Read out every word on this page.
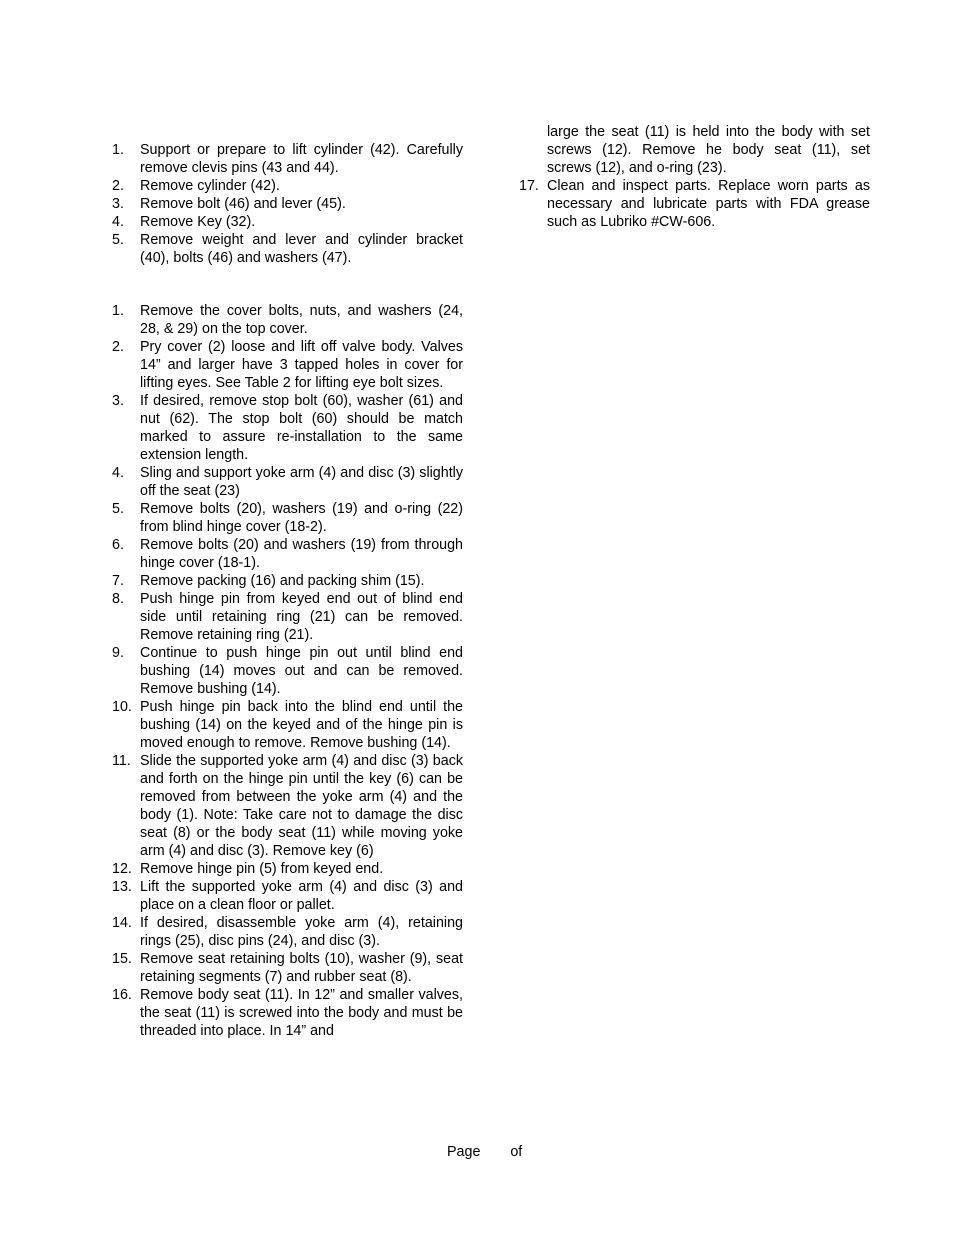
1. Support or prepare to lift cylinder (42). Carefully remove clevis pins (43 and 44).
2. Remove cylinder (42).
3. Remove bolt (46) and lever (45).
4. Remove Key (32).
5. Remove weight and lever and cylinder bracket (40), bolts (46) and washers (47).
1. Remove the cover bolts, nuts, and washers (24, 28, & 29) on the top cover.
2. Pry cover (2) loose and lift off valve body. Valves 14” and larger have 3 tapped holes in cover for lifting eyes. See Table 2 for lifting eye bolt sizes.
3. If desired, remove stop bolt (60), washer (61) and nut (62). The stop bolt (60) should be match marked to assure re-installation to the same extension length.
4. Sling and support yoke arm (4) and disc (3) slightly off the seat (23)
5. Remove bolts (20), washers (19) and o-ring (22) from blind hinge cover (18-2).
6. Remove bolts (20) and washers (19) from through hinge cover (18-1).
7. Remove packing (16) and packing shim (15).
8. Push hinge pin from keyed end out of blind end side until retaining ring (21) can be removed. Remove retaining ring (21).
9. Continue to push hinge pin out until blind end bushing (14) moves out and can be removed. Remove bushing (14).
10. Push hinge pin back into the blind end until the bushing (14) on the keyed and of the hinge pin is moved enough to remove. Remove bushing (14).
11. Slide the supported yoke arm (4) and disc (3) back and forth on the hinge pin until the key (6) can be removed from between the yoke arm (4) and the body (1). Note: Take care not to damage the disc seat (8) or the body seat (11) while moving yoke arm (4) and disc (3). Remove key (6)
12. Remove hinge pin (5) from keyed end.
13. Lift the supported yoke arm (4) and disc (3) and place on a clean floor or pallet.
14. If desired, disassemble yoke arm (4), retaining rings (25), disc pins (24), and disc (3).
15. Remove seat retaining bolts (10), washer (9), seat retaining segments (7) and rubber seat (8).
16. Remove body seat (11). In 12” and smaller valves, the seat (11) is screwed into the body and must be threaded into place. In 14” and
large the seat (11) is held into the body with set screws (12). Remove he body seat (11), set screws (12), and o-ring (23).
17. Clean and inspect parts. Replace worn parts as necessary and lubricate parts with FDA grease such as Lubriko #CW-606.
Page of
